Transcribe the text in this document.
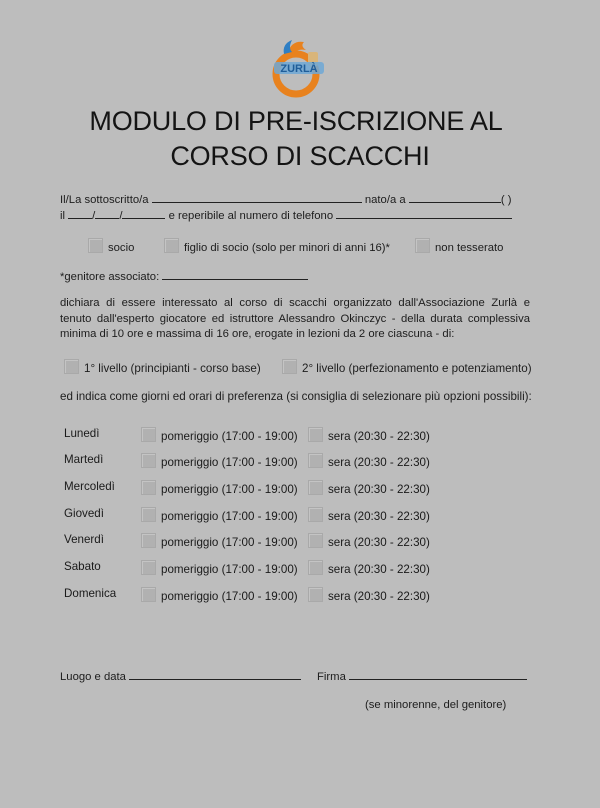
ZURLÀ
MODULO DI PRE-ISCRIZIONE AL
CORSO DI SCACCHI
Il/La sottoscritto/a	nato/a a	( )
il / /	e reperibile al numero di telefono
socio	figlio di socio (solo per minori di anni 16)*	non tesserato
*genitore associato:
dichiara di essere interessato al corso di scacchi organizzato dall'Associazione Zurlà e
tenuto dall'esperto giocatore ed istruttore Alessandro Okinczyc - della durata complessiva
minima di 10 ore e massima di 16 ore, erogate in lezioni da 2 ore ciascuna - di:
1° livello (principianti - corso base)	2° livello (perfezionamento e potenziamento)
ed indica come giorni ed orari di preferenza (si consiglia di selezionare più opzioni possibili):
Lunedì	pomeriggio (17:00 - 19:00)	sera (20:30 - 22:30)
Martedì	pomeriggio (17:00 - 19:00)	sera (20:30 - 22:30)
Mercoledì	pomeriggio (17:00 - 19:00)	sera (20:30 - 22:30)
Giovedì	pomeriggio (17:00 - 19:00)	sera (20:30 - 22:30)
Venerdì	pomeriggio (17:00 - 19:00)	sera (20:30 - 22:30)
Sabato	pomeriggio (17:00 - 19:00)	sera (20:30 - 22:30)
Domenica	pomeriggio (17:00 - 19:00)	sera (20:30 - 22:30)
Luogo e data	Firma
(se minorenne, del genitore)
